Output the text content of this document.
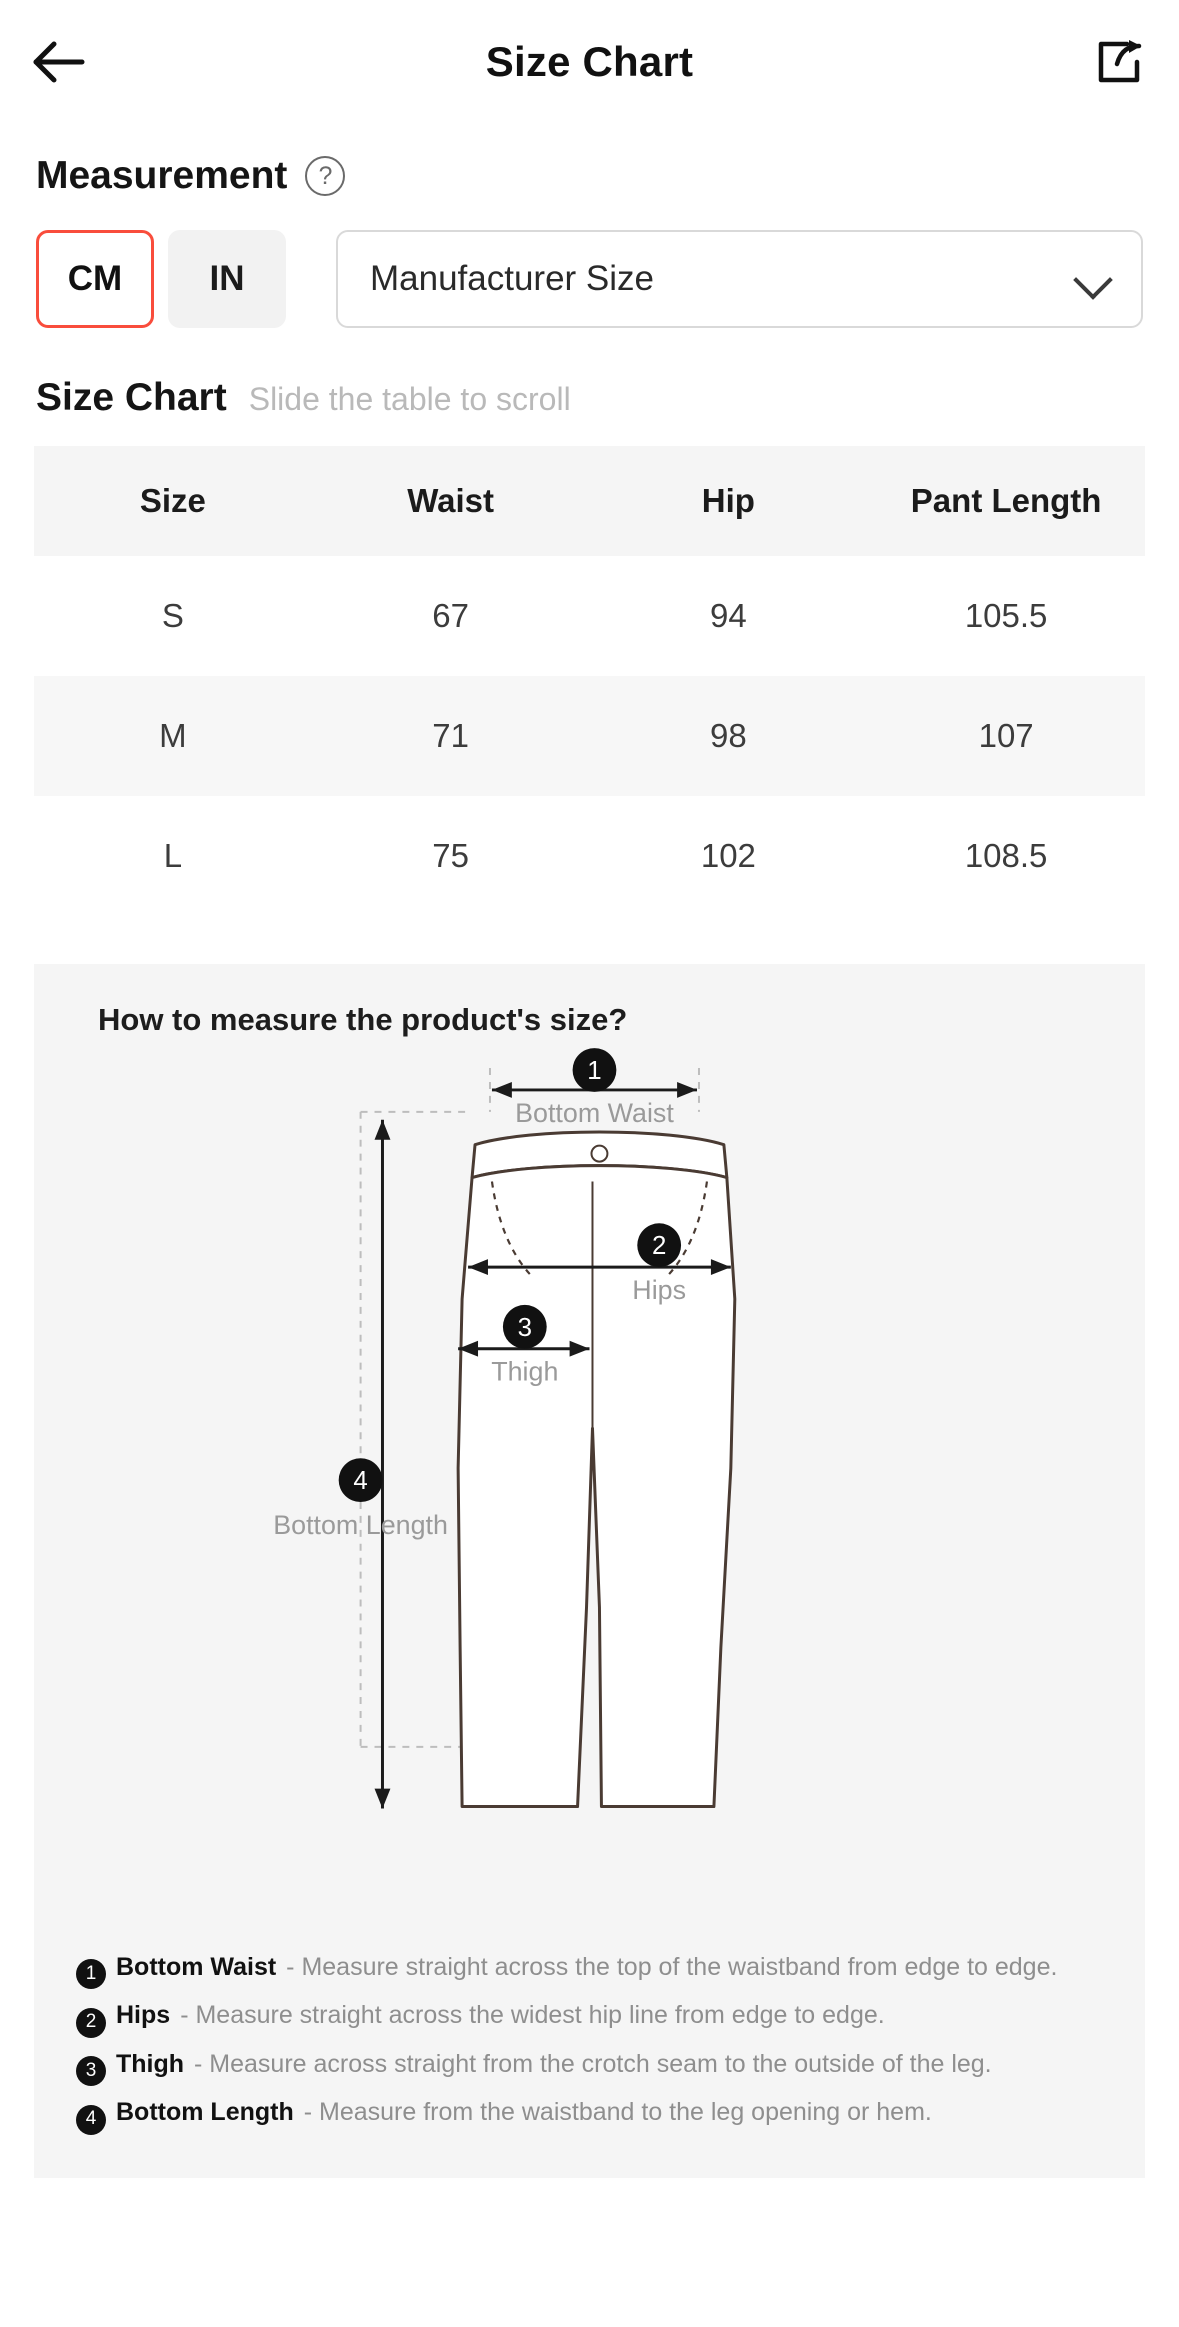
Size Chart
Measurement	?
CM	IN	Manufacturer Size
Size Chart Slide the table to scroll
Size	Waist	Hip	Pant Length
S	67	94	105.5
M	71	98	107
L	75	102	108.5
How to measure the product's size?
1
Bottom Waist
2
Hips
3
Thigh
4
Bottom Length
1 Bottom Waist - Measure straight across the top of the waistband from edge to edge.
2 Hips - Measure straight across the widest hip line from edge to edge.
3 Thigh - Measure across straight from the crotch seam to the outside of the leg.
4 Bottom Length - Measure from the waistband to the leg opening or hem.
